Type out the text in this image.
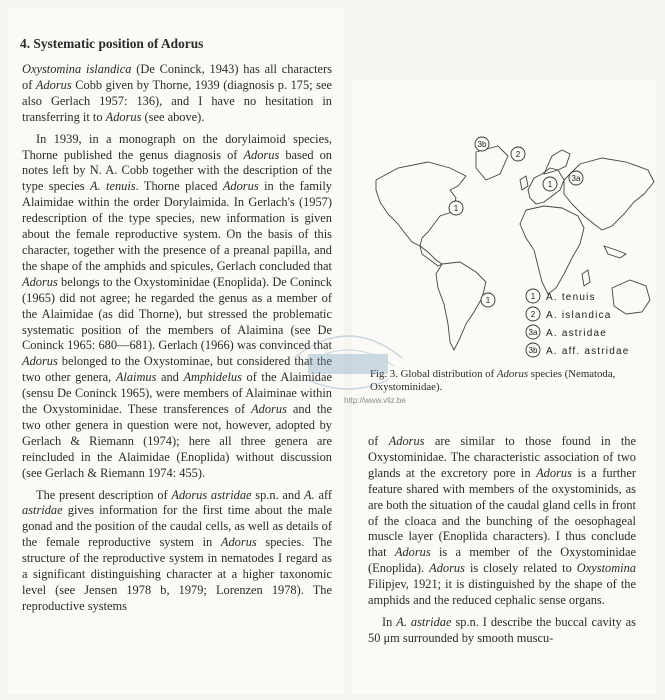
4. Systematic position of Adorus

Oxystomina islandica (De Coninck, 1943) has all characters of Adorus Cobb given by Thorne, 1939 (diagnosis p. 175; see also Gerlach 1957: 136), and I have no hesitation in transferring it to Adorus (see above).

In 1939, in a monograph on the dorylaimoid species, Thorne published the genus diagnosis of Adorus based on notes left by N. A. Cobb together with the description of the type species A. tenuis. Thorne placed Adorus in the family Alaimidae within the order Dorylaimida. In Gerlach's (1957) redescription of the type species, new information is given about the female reproductive system. On the basis of this character, together with the presence of a preanal papilla, and the shape of the amphids and spicules, Gerlach concluded that Adorus belongs to the Oxystominidae (Enoplida). De Coninck (1965) did not agree; he regarded the genus as a member of the Alaimidae (as did Thorne), but stressed the problematic systematic position of the members of Alaimina (see De Coninck 1965: 680—681). Gerlach (1966) was convinced that Adorus belonged to the Oxystominae, but considered that the two other genera, Alaimus and Amphidelus of the Alaimidae (sensu De Coninck 1965), were members of Alaiminae within the Oxystominidae. These transferences of Adorus and the two other genera in question were not, however, adopted by Gerlach & Riemann (1974); here all three genera are reincluded in the Alaimidae (Enoplida) without discussion (see Gerlach & Riemann 1974: 455).

The present description of Adorus astridae sp.n. and A. aff astridae gives information for the first time about the male gonad and the position of the caudal cells, as well as details of the female reproductive system in Adorus species. The structure of the reproductive system in nematodes I regard as a significant distinguishing character at a higher taxonomic level (see Jensen 1978 b, 1979; Lorenzen 1978). The reproductive systems

3b
2
3a
1
1
1	1 A. tenuis
2 A. islandica
3a A. astridae
3b A. aff. astridae
Fig. 3. Global distribution of Adorus species (Nematoda, Oxystominidae).

of Adorus are similar to those found in the Oxystominidae. The characteristic association of two glands at the excretory pore in Adorus is a further feature shared with members of the oxystominids, as are both the situation of the caudal gland cells in front of the cloaca and the bunching of the oesophageal muscle layer (Enoplida characters). I thus conclude that Adorus is a member of the Oxystominidae (Enoplida). Adorus is closely related to Oxystomina Filipjev, 1921; it is distinguished by the shape of the amphids and the reduced cephalic sense organs.

In A. astridae sp.n. I describe the buccal cavity as 50 μm surrounded by smooth muscu-

http://www.vliz.be
